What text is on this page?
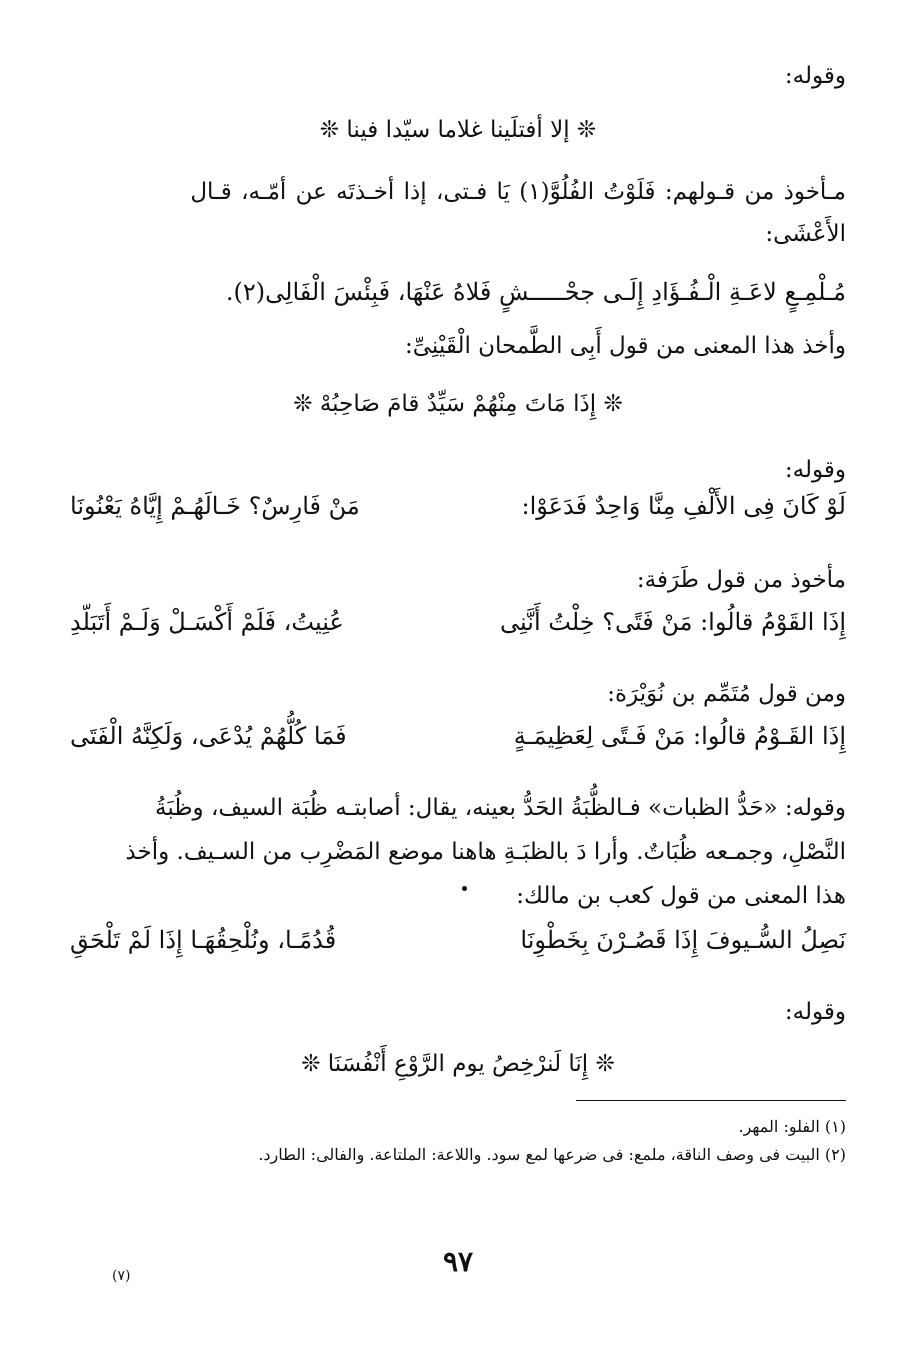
وقوله:
❊ إلا أفتلَينا غلاما سيّدا فينا ❊
مـأخوذ من قـولهم: فَلَوْتُ الفُلُوَّ(١) يَا فـتى، إذا أخـذتَه عن أمّـه، قـال
الأَعْشَى:
مُـلْمِـعٍ لاعَـةِ الْـفُـؤَادِ إِلَـى جحْـــــشٍ فَلاهُ عَنْهَا، فَبِئْسَ الْفَالِى(٢).
وأخذ هذا المعنى من قول أَبِى الطَّمحان الْقَيْنِىِّ:
❊ إِذَا مَاتَ مِنْهُمْ سَيِّدٌ قامَ صَاحِبُهْ ❊
وقوله:
لَوْ كَانَ فِى الأَلْفِ مِنَّا وَاحِدٌ فَدَعَوْا:
مَنْ فَارِسٌ؟ خَـالَهُـمْ إِيَّاهُ يَعْنُونَا
مأخوذ من قول طَرَفة:
إِذَا القَوْمُ قالُوا: مَنْ فَتًى؟ خِلْتُ أَنَّنِى
عُنِيتُ، فَلَمْ أَكْسَـلْ وَلَـمْ أَتَبَلّدِ
ومن قول مُتَمِّم بن نُوَيْرَة:
إِذَا القَـوْمُ قالُوا: مَنْ فَـتًى لِعَظِيمَـةٍ
فَمَا كُلُّهُمْ يُدْعَى، وَلَكِنَّهُ الْفَتَى
وقوله: «حَدُّ الظبات» فـالظُّبَةُ الحَدُّ بعينه، يقال: أصابتـه ظُبَة السيف، وظُبَةُ
النَّصْلِ، وجمـعه ظُبَاتٌ. وأرا دَ بالظبَـةِ هاهنا موضع المَضْرِب من السـيف. وأخذ
هذا المعنى من قول كعب بن مالك:
نَصِلُ السُّـيوفَ إِذَا قَصُـرْنَ بِخَطْوِنَا
قُدُمًـا، ونُلْحِقُهَـا إِذَا لَمْ تَلْحَقِ
وقوله:
❊ إِنَا لَنرْخِصُ يوم الرَّوْعِ أَنْفُسَنَا ❊
(١) الفلو: المهر.
(٢) البيت فى وصف الناقة، ملمع: فى ضرعها لمع سود. واللاعة: الملتاعة. والفالى: الطارد.
٩٧
(٧)
